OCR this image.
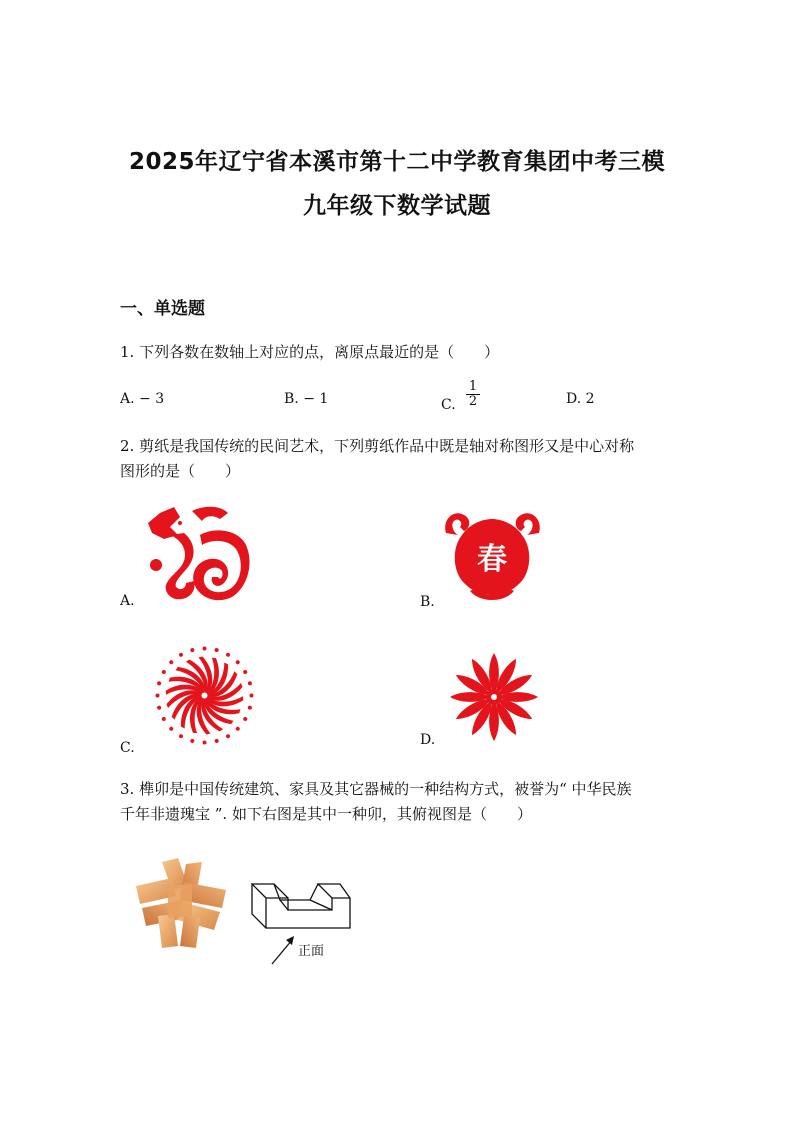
2025年辽宁省本溪市第十二中学教育集团中考三模
九年级下数学试题
一、单选题
1. 下列各数在数轴上对应的点，离原点最近的是（　　）
A. − 3	B. − 1	C. $\frac{1}{2}$	D. 2
2. 剪纸是我国传统的民间艺术，下列剪纸作品中既是轴对称图形又是中心对称
图形的是（　　）
A.
春
B.
C.	D.
3. 榫卯是中国传统建筑、家具及其它器械的一种结构方式，被誉为“ 中华民族
千年非遗瑰宝 ”. 如下右图是其中一种卯，其俯视图是（　　）
正面
